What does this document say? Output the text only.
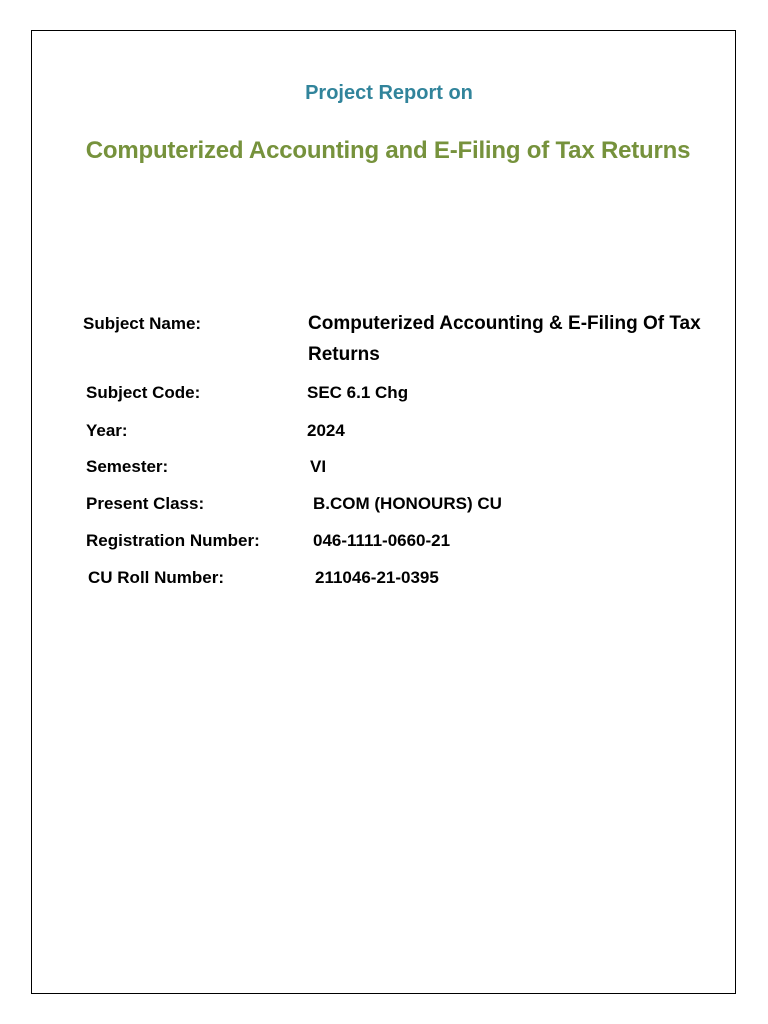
Project Report on
Computerized Accounting and E-Filing of Tax Returns
Subject Name:	Computerized Accounting & E-Filing Of Tax Returns
Subject Code:	SEC 6.1 Chg
Year:	2024
Semester:	VI
Present Class:	B.COM (HONOURS) CU
Registration Number:	046-1111-0660-21
CU Roll Number:	211046-21-0395
